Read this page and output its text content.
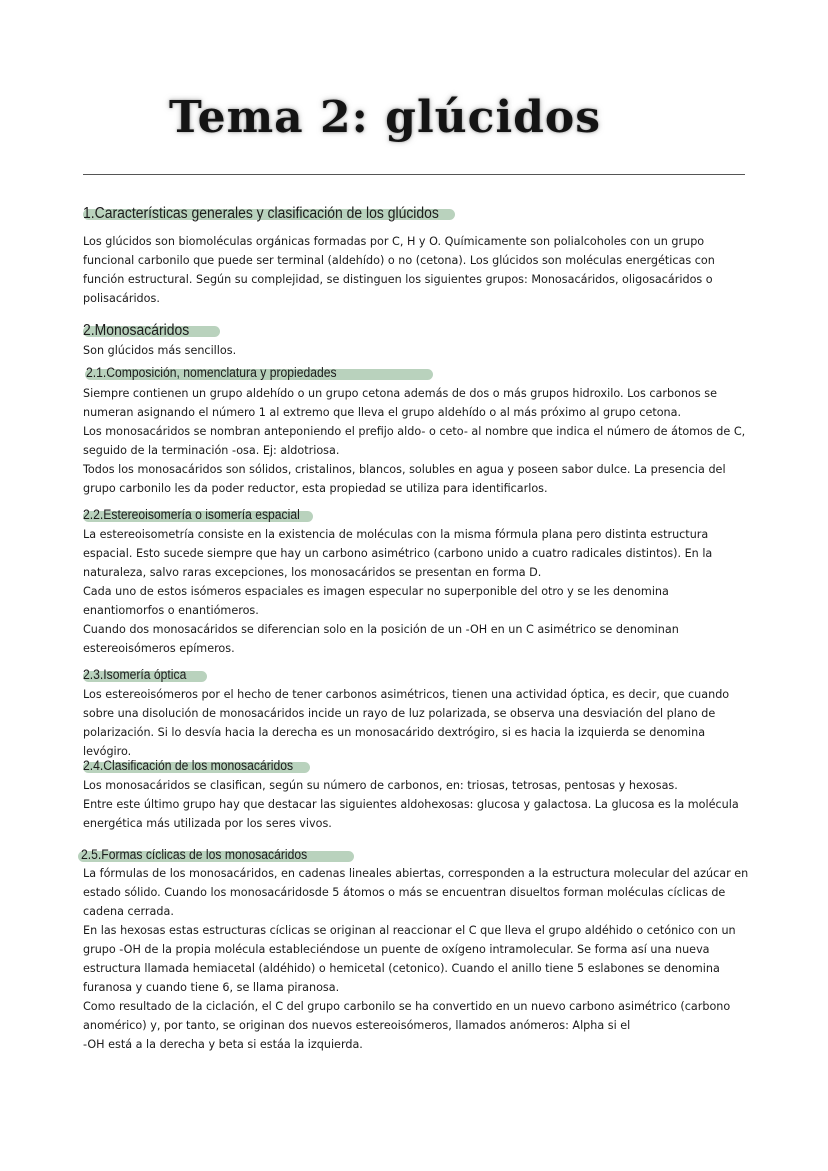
Tema 2: glúcidos
1.Características generales y clasificación de los glúcidos

Los glúcidos son biomoléculas orgánicas formadas por C, H y O. Químicamente son polialcoholes con un grupo funcional carbonilo que puede ser terminal (aldehído) o no (cetona). Los glúcidos son moléculas energéticas con función estructural. Según su complejidad, se distinguen los siguientes grupos: Monosacáridos, oligosacáridos o polisacáridos.

2.Monosacáridos

Son glúcidos más sencillos.

2.1.Composición, nomenclatura y propiedades

Siempre contienen un grupo aldehído o un grupo cetona además de dos o más grupos hidroxilo. Los carbonos se numeran asignando el número 1 al extremo que lleva el grupo aldehído o al más próximo al grupo cetona.

Los monosacáridos se nombran anteponiendo el prefijo aldo- o ceto- al nombre que indica el número de átomos de C, seguido de la terminación -osa. Ej: aldotriosa.

Todos los monosacáridos son sólidos, cristalinos, blancos, solubles en agua y poseen sabor dulce. La presencia del grupo carbonilo les da poder reductor, esta propiedad se utiliza para identificarlos.

2.2.Estereoisomería o isomería espacial

La estereoisometría consiste en la existencia de moléculas con la misma fórmula plana pero distinta estructura espacial. Esto sucede siempre que hay un carbono asimétrico (carbono unido a cuatro radicales distintos). En la naturaleza, salvo raras excepciones, los monosacáridos se presentan en forma D.

Cada uno de estos isómeros espaciales es imagen especular no superponible del otro y se les denomina enantiomorfos o enantiómeros.

Cuando dos monosacáridos se diferencian solo en la posición de un -OH en un C asimétrico se denominan estereoisómeros epímeros.

2.3.Isomería óptica

Los estereoisómeros por el hecho de tener carbonos asimétricos, tienen una actividad óptica, es decir, que cuando sobre una disolución de monosacáridos incide un rayo de luz polarizada, se observa una desviación del plano de polarización. Si lo desvía hacia la derecha es un monosacárido dextrógiro, si es hacia la izquierda se denomina levógiro.

2.4.Clasificación de los monosacáridos

Los monosacáridos se clasifican, según su número de carbonos, en: triosas, tetrosas, pentosas y hexosas.

Entre este último grupo hay que destacar las siguientes aldohexosas: glucosa y galactosa. La glucosa es la molécula energética más utilizada por los seres vivos.

2.5.Formas cíclicas de los monosacáridos

La fórmulas de los monosacáridos, en cadenas lineales abiertas, corresponden a la estructura molecular del azúcar en estado sólido. Cuando los monosacáridosde 5 átomos o más se encuentran disueltos forman moléculas cíclicas de cadena cerrada.

En las hexosas estas estructuras cíclicas se originan al reaccionar el C que lleva el grupo aldéhido o cetónico con un grupo -OH de la propia molécula estableciéndose un puente de oxígeno intramolecular. Se forma así una nueva estructura llamada hemiacetal (aldéhido) o hemicetal (cetonico). Cuando el anillo tiene 5 eslabones se denomina furanosa y cuando tiene 6, se llama piranosa.

Como resultado de la ciclación, el C del grupo carbonilo se ha convertido en un nuevo carbono asimétrico (carbono anomérico) y, por tanto, se originan dos nuevos estereoisómeros, llamados anómeros: Alpha si el

-OH está a la derecha y beta si estáa la izquierda.
